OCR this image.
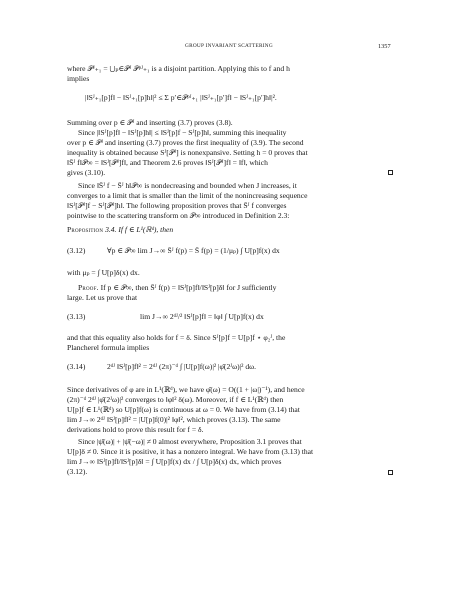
GROUP INVARIANT SCATTERING	1357
where 𝒫ᴶ₊₁ = ⋃ₚ∈𝒫ᴶ 𝒫ᵖᴶ₊₁ is a disjoint partition. Applying this to f and h
implies
|‖Sᴶ₊₁[p]f‖ − ‖Sᴶ₊₁[p]h‖|² ≤ Σ p′∈𝒫ᵖᴶ₊₁ |‖Sᴶ₊₁[p′]f‖ − ‖Sᴶ₊₁[p′]h‖|².
Summing over p ∈ 𝒫ᴶ and inserting (3.7) proves (3.8).
Since |‖Sᴶ[p]f‖ − ‖Sᴶ[p]h‖| ≤ ‖Sᴶ[p]f − Sᴶ[p]h‖, summing this inequality
over p ∈ 𝒫ᴶ and inserting (3.7) proves the first inequality of (3.9). The second
inequality is obtained because Sᴶ[𝒫ᴶ] is nonexpansive. Setting h = 0 proves that
‖S̄ᴶ f‖𝒫∞ = ‖Sᴶ[𝒫ᴶ]f‖, and Theorem 2.6 proves ‖Sᴶ[𝒫ᴶ]f‖ = ‖f‖, which
gives (3.10).
Since ‖S̄ᴶ f − S̄ᴶ h‖𝒫∞ is nondecreasing and bounded when J increases, it
converges to a limit that is smaller than the limit of the nonincreasing sequence
‖Sᴶ[𝒫ᴶ]f − Sᴶ[𝒫ᴶ]h‖. The following proposition proves that S̄ᴶ f converges
pointwise to the scattering transform on 𝒫∞ introduced in Definition 2.3:
Proposition 3.4. If f ∈ L¹(ℝᵈ), then
(3.12)	∀p ∈ 𝒫∞ lim J→∞ S̄ᴶ f(p) = S̄ f(p) = (1/μₚ) ∫ U[p]f(x) dx
with μₚ = ∫ U[p]δ(x) dx.
Proof. If p ∈ 𝒫∞, then S̄ᴶ f(p) = ‖Sᴶ[p]f‖/‖Sᴶ[p]δ‖ for J sufficiently
large. Let us prove that
(3.13)	lim J→∞ 2ᵈᴶ/² ‖Sᴶ[p]f‖ = ‖φ‖ ∫ U[p]f(x) dx
and that this equality also holds for f = δ. Since Sᴶ[p]f = U[p]f ⋆ φ₂ᴶ, the
Plancherel formula implies
(3.14)	2ᵈᴶ ‖Sᴶ[p]f‖² = 2ᵈᴶ (2π)⁻ᵈ ∫ |U[p]f(ω)|² |φ̂(2ᴶω)|² dω.
Since derivatives of φ are in L¹(ℝᵈ), we have φ̂(ω) = O((1 + |ω|)⁻¹), and hence
(2π)⁻ᵈ 2ᵈᴶ |φ̂(2ᴶω)|² converges to ‖φ‖² δ(ω). Moreover, if f ∈ L¹(ℝᵈ) then
U[p]f ∈ L¹(ℝᵈ) so U[p]f(ω) is continuous at ω = 0. We have from (3.14) that
lim J→∞ 2ᵈᴶ ‖Sᴶ[p]f‖² = |U[p]f(0)|² ‖φ‖², which proves (3.13). The same
derivations hold to prove this result for f = δ.
Since |ψ̂(ω)| + |ψ̂(−ω)| ≠ 0 almost everywhere, Proposition 3.1 proves that
U[p]δ ≠ 0. Since it is positive, it has a nonzero integral. We have from (3.13) that
lim J→∞ ‖Sᴶ[p]f‖/‖Sᴶ[p]δ‖ = ∫ U[p]f(x) dx / ∫ U[p]δ(x) dx, which proves
(3.12).
